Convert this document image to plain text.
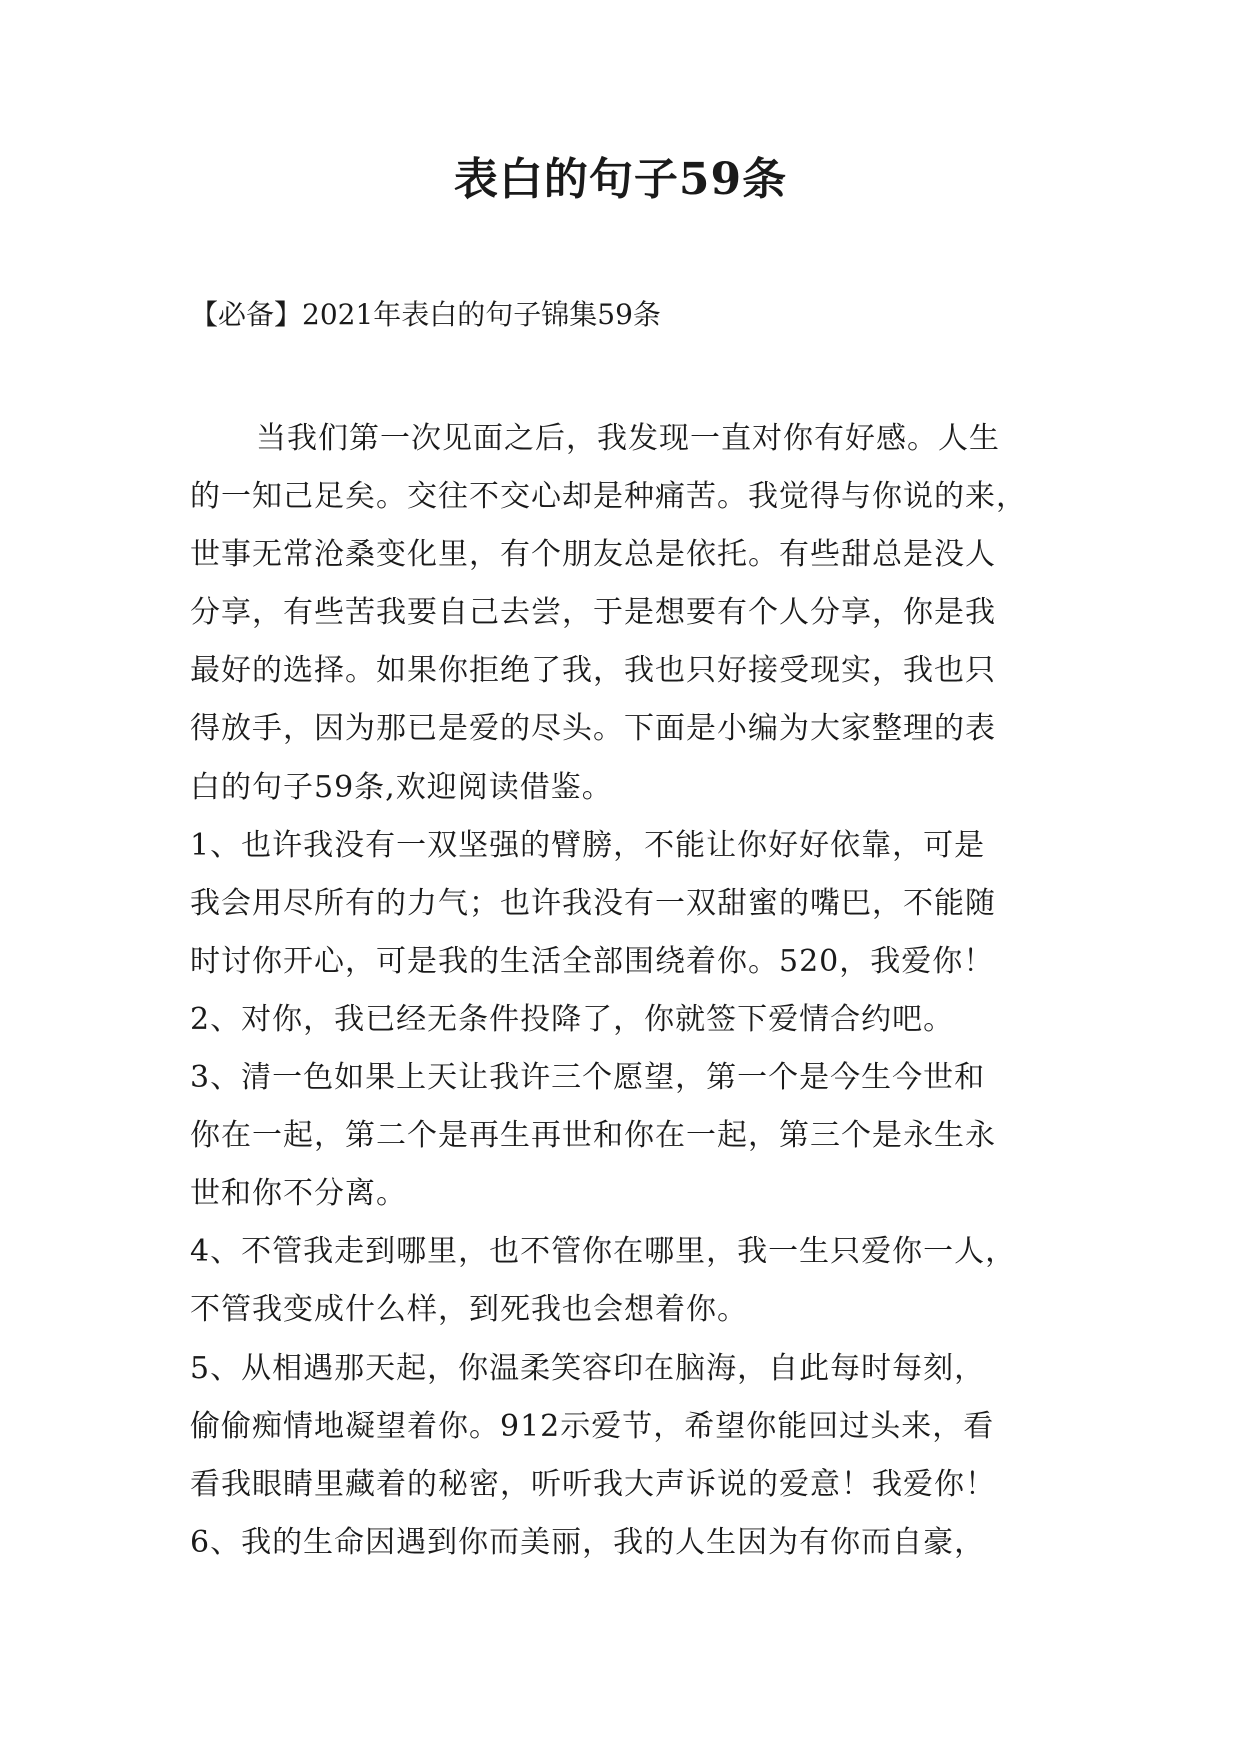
表白的句子59条
【必备】2021年表白的句子锦集59条
当我们第一次见面之后，我发现一直对你有好感。人生
的一知己足矣。交往不交心却是种痛苦。我觉得与你说的来，
世事无常沧桑变化里，有个朋友总是依托。有些甜总是没人
分享，有些苦我要自己去尝，于是想要有个人分享，你是我
最好的选择。如果你拒绝了我，我也只好接受现实，我也只
得放手，因为那已是爱的尽头。下面是小编为大家整理的表
白的句子59条,欢迎阅读借鉴。
1、也许我没有一双坚强的臂膀，不能让你好好依靠，可是
我会用尽所有的力气；也许我没有一双甜蜜的嘴巴，不能随
时讨你开心，可是我的生活全部围绕着你。520，我爱你！
2、对你，我已经无条件投降了，你就签下爱情合约吧。
3、清一色如果上天让我许三个愿望，第一个是今生今世和
你在一起，第二个是再生再世和你在一起，第三个是永生永
世和你不分离。
4、不管我走到哪里，也不管你在哪里，我一生只爱你一人，
不管我变成什么样，到死我也会想着你。
5、从相遇那天起，你温柔笑容印在脑海，自此每时每刻，
偷偷痴情地凝望着你。912示爱节，希望你能回过头来，看
看我眼睛里藏着的秘密，听听我大声诉说的爱意！我爱你！
6、我的生命因遇到你而美丽，我的人生因为有你而自豪，
